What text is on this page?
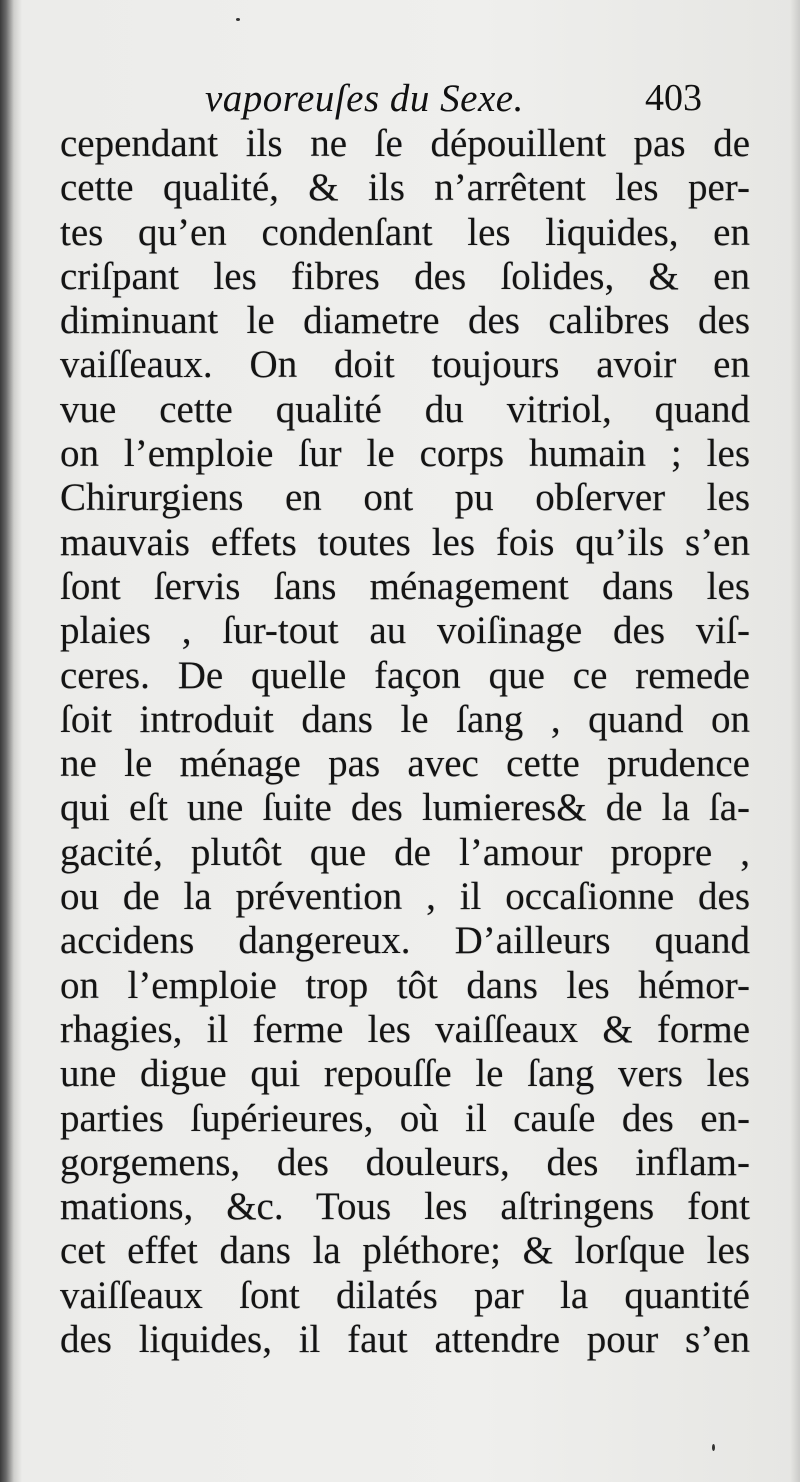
vaporeuſes du Sexe.	403
cependant ils ne ſe dépouillent pas de
cette qualité, & ils n’arrêtent les per-
tes qu’en condenſant les liquides, en
criſpant les fibres des ſolides, & en
diminuant le diametre des calibres des
vaiſſeaux. On doit toujours avoir en
vue cette qualité du vitriol, quand
on l’emploie ſur le corps humain ; les
Chirurgiens en ont pu obſerver les
mauvais effets toutes les fois qu’ils s’en
ſont ſervis ſans ménagement dans les
plaies , ſur-tout au voiſinage des viſ-
ceres. De quelle façon que ce remede
ſoit introduit dans le ſang , quand on
ne le ménage pas avec cette prudence
qui eſt une ſuite des lumieres& de la ſa-
gacité, plutôt que de l’amour propre ,
ou de la prévention , il occaſionne des
accidens dangereux. D’ailleurs quand
on l’emploie trop tôt dans les hémor-
rhagies, il ferme les vaiſſeaux & forme
une digue qui repouſſe le ſang vers les
parties ſupérieures, où il cauſe des en-
gorgemens, des douleurs, des inflam-
mations, &c. Tous les aſtringens font
cet effet dans la pléthore; & lorſque les
vaiſſeaux ſont dilatés par la quantité
des liquides, il faut attendre pour s’en
